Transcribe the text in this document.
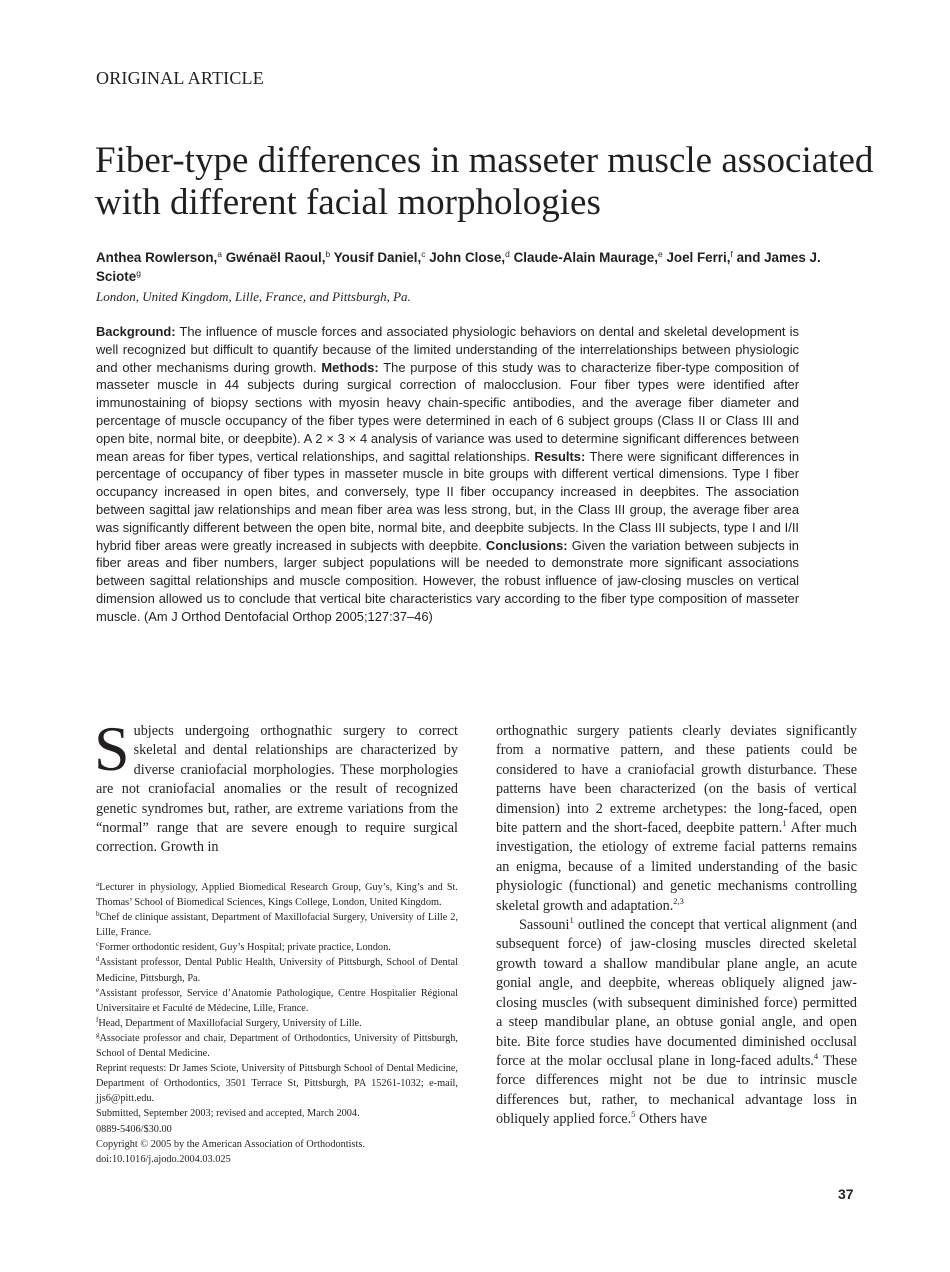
ORIGINAL ARTICLE
Fiber-type differences in masseter muscle associated with different facial morphologies
Anthea Rowlerson,$^a$ Gwénaël Raoul,$^b$ Yousif Daniel,$^c$ John Close,$^d$ Claude-Alain Maurage,$^e$ Joel Ferri,$^f$ and James J. Sciote$^g$
London, United Kingdom, Lille, France, and Pittsburgh, Pa.

Background: The influence of muscle forces and associated physiologic behaviors on dental and skeletal development is well recognized but difficult to quantify because of the limited understanding of the interrelationships between physiologic and other mechanisms during growth. Methods: The purpose of this study was to characterize fiber-type composition of masseter muscle in 44 subjects during surgical correction of malocclusion. Four fiber types were identified after immunostaining of biopsy sections with myosin heavy chain-specific antibodies, and the average fiber diameter and percentage of muscle occupancy of the fiber types were determined in each of 6 subject groups (Class II or Class III and open bite, normal bite, or deepbite). A 2 × 3 × 4 analysis of variance was used to determine significant differences between mean areas for fiber types, vertical relationships, and sagittal relationships. Results: There were significant differences in percentage of occupancy of fiber types in masseter muscle in bite groups with different vertical dimensions. Type I fiber occupancy increased in open bites, and conversely, type II fiber occupancy increased in deepbites. The association between sagittal jaw relationships and mean fiber area was less strong, but, in the Class III group, the average fiber area was significantly different between the open bite, normal bite, and deepbite subjects. In the Class III subjects, type I and I/II hybrid fiber areas were greatly increased in subjects with deepbite. Conclusions: Given the variation between subjects in fiber areas and fiber numbers, larger subject populations will be needed to demonstrate more significant associations between sagittal relationships and muscle composition. However, the robust influence of jaw-closing muscles on vertical dimension allowed us to conclude that vertical bite characteristics vary according to the fiber type composition of masseter muscle. (Am J Orthod Dentofacial Orthop 2005;127:37–46)

Subjects undergoing orthognathic surgery to correct skeletal and dental relationships are characterized by diverse craniofacial morphologies. These morphologies are not craniofacial anomalies or the result of recognized genetic syndromes but, rather, are extreme variations from the “normal” range that are severe enough to require surgical correction. Growth in

orthognathic surgery patients clearly deviates significantly from a normative pattern, and these patients could be considered to have a craniofacial growth disturbance. These patterns have been characterized (on the basis of vertical dimension) into 2 extreme archetypes: the long-faced, open bite pattern and the short-faced, deepbite pattern.$^1$ After much investigation, the etiology of extreme facial patterns remains an enigma, because of a limited understanding of the basic physiologic (functional) and genetic mechanisms controlling skeletal growth and adaptation.$^{2,3}$

Sassouni$^1$ outlined the concept that vertical alignment (and subsequent force) of jaw-closing muscles directed skeletal growth toward a shallow mandibular plane angle, an acute gonial angle, and deepbite, whereas obliquely aligned jaw-closing muscles (with subsequent diminished force) permitted a steep mandibular plane, an obtuse gonial angle, and open bite. Bite force studies have documented diminished occlusal force at the molar occlusal plane in long-faced adults.$^4$ These force differences might not be due to intrinsic muscle differences but, rather, to mechanical advantage loss in obliquely applied force.$^5$ Others have

$^a$Lecturer in physiology, Applied Biomedical Research Group, Guy’s, King’s and St. Thomas’ School of Biomedical Sciences, Kings College, London, United Kingdom.
$^b$Chef de clinique assistant, Department of Maxillofacial Surgery, University of Lille 2, Lille, France.
$^c$Former orthodontic resident, Guy’s Hospital; private practice, London.
$^d$Assistant professor, Dental Public Health, University of Pittsburgh, School of Dental Medicine, Pittsburgh, Pa.
$^e$Assistant professor, Service d’Anatomie Pathologique, Centre Hospitalier Régional Universitaire et Faculté de Médecine, Lille, France.
$^f$Head, Department of Maxillofacial Surgery, University of Lille.
$^g$Associate professor and chair, Department of Orthodontics, University of Pittsburgh, School of Dental Medicine.
Reprint requests: Dr James Sciote, University of Pittsburgh School of Dental Medicine, Department of Orthodontics, 3501 Terrace St, Pittsburgh, PA 15261-1032; e-mail, jjs6@pitt.edu.
Submitted, September 2003; revised and accepted, March 2004.
0889-5406/$30.00
Copyright © 2005 by the American Association of Orthodontists.
doi:10.1016/j.ajodo.2004.03.025
37
